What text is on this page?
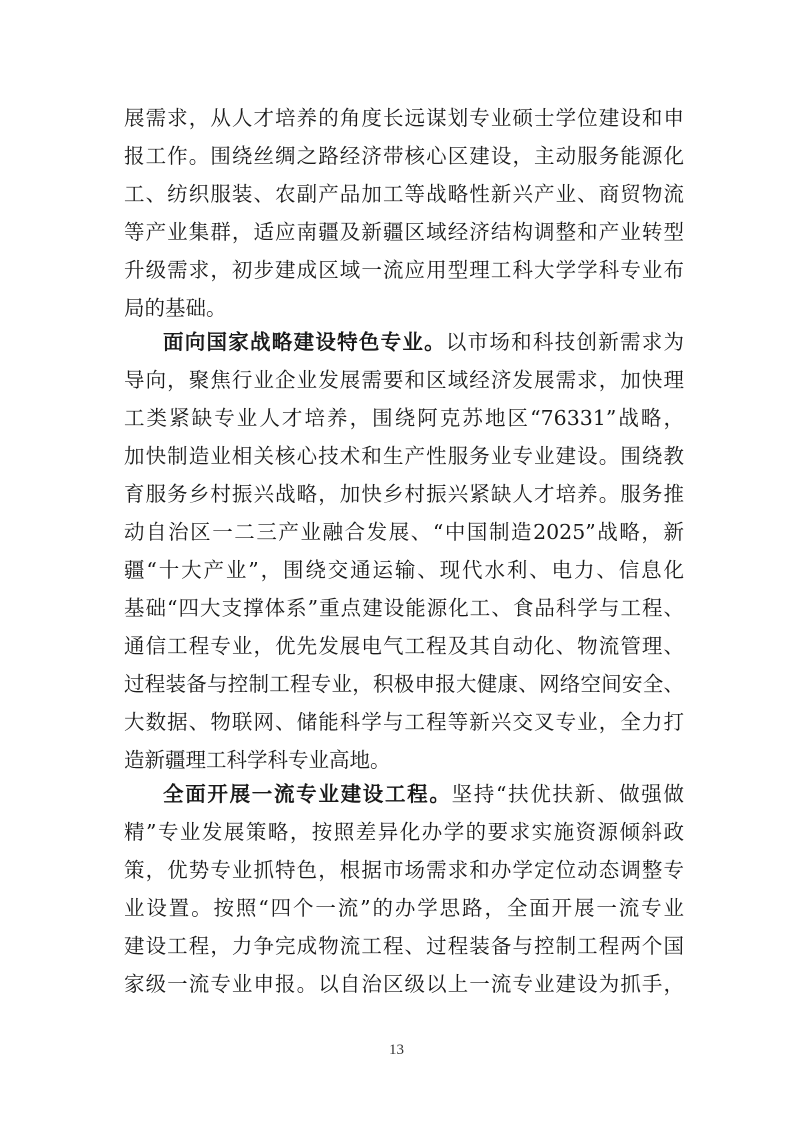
展需求，从人才培养的角度长远谋划专业硕士学位建设和申
报工作。围绕丝绸之路经济带核心区建设，主动服务能源化
工、纺织服装、农副产品加工等战略性新兴产业、商贸物流
等产业集群，适应南疆及新疆区域经济结构调整和产业转型
升级需求，初步建成区域一流应用型理工科大学学科专业布
局的基础。
面向国家战略建设特色专业。以市场和科技创新需求为
导向，聚焦行业企业发展需要和区域经济发展需求，加快理
工类紧缺专业人才培养，围绕阿克苏地区“76331”战略，
加快制造业相关核心技术和生产性服务业专业建设。围绕教
育服务乡村振兴战略，加快乡村振兴紧缺人才培养。服务推
动自治区一二三产业融合发展、“中国制造2025”战略，新
疆“十大产业”，围绕交通运输、现代水利、电力、信息化
基础“四大支撑体系”重点建设能源化工、食品科学与工程、
通信工程专业，优先发展电气工程及其自动化、物流管理、
过程装备与控制工程专业，积极申报大健康、网络空间安全、
大数据、物联网、储能科学与工程等新兴交叉专业，全力打
造新疆理工科学科专业高地。
全面开展一流专业建设工程。坚持“扶优扶新、做强做
精”专业发展策略，按照差异化办学的要求实施资源倾斜政
策，优势专业抓特色，根据市场需求和办学定位动态调整专
业设置。按照“四个一流”的办学思路，全面开展一流专业
建设工程，力争完成物流工程、过程装备与控制工程两个国
家级一流专业申报。以自治区级以上一流专业建设为抓手，
13
